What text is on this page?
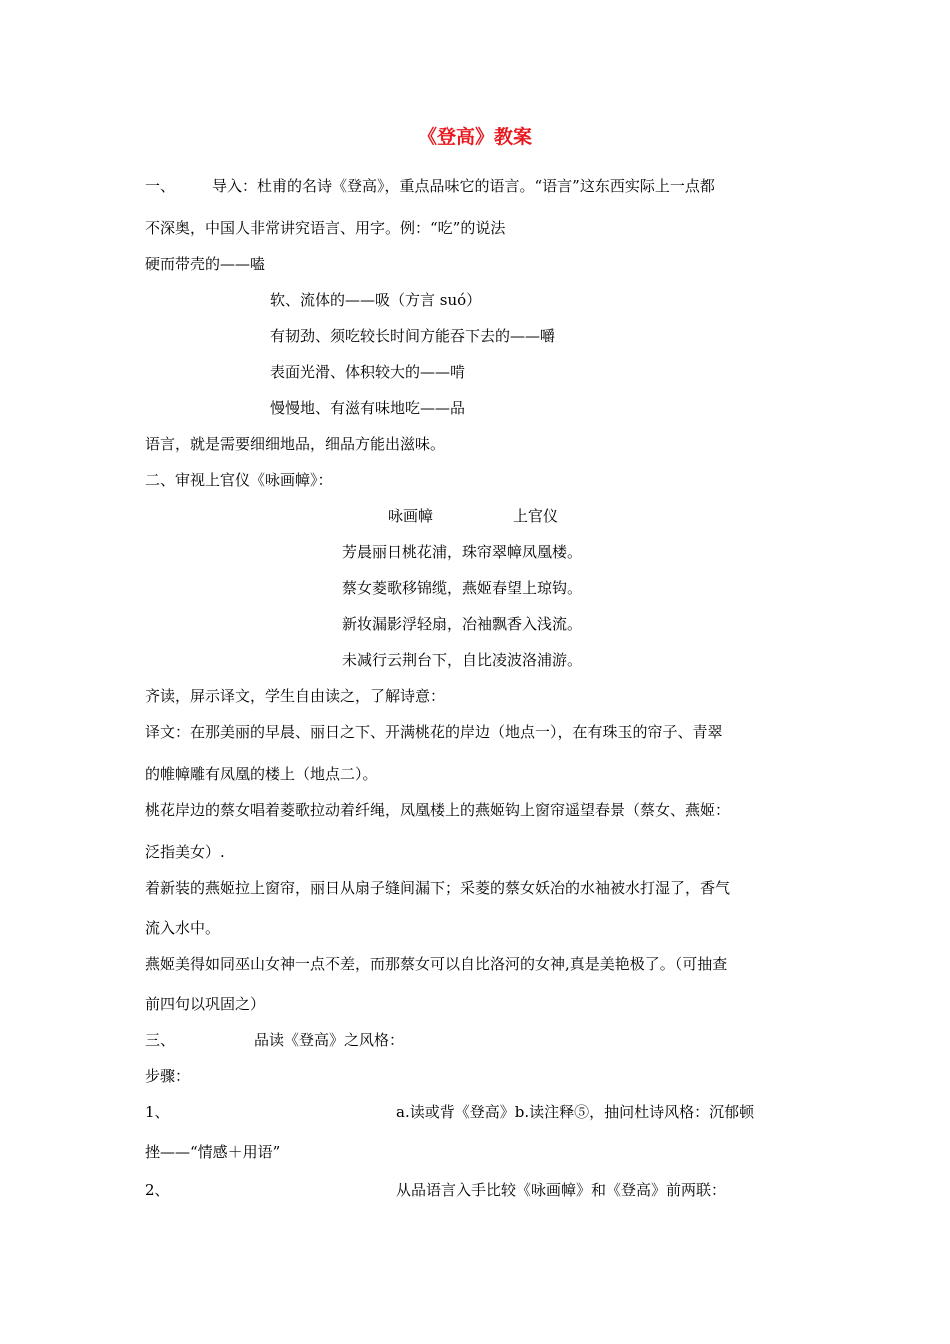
《登高》教案
一、 导入：杜甫的名诗《登高》，重点品味它的语言。“语言”这东西实际上一点都
不深奥，中国人非常讲究语言、用字。例：“吃”的说法
硬而带壳的——嗑
软、流体的——吸（方言 suó）
有韧劲、须吃较长时间方能吞下去的——嚼
表面光滑、体积较大的——啃
慢慢地、有滋有味地吃——品
语言，就是需要细细地品，细品方能出滋味。
二、审视上官仪《咏画幛》：
咏画幛	上官仪
芳晨丽日桃花浦，珠帘翠幛凤凰楼。
蔡女菱歌移锦缆，燕姬春望上琼钩。
新妆漏影浮轻扇，冶袖飘香入浅流。
未减行云荆台下，自比凌波洛浦游。
齐读，屏示译文，学生自由读之，了解诗意：
译文：在那美丽的早晨、丽日之下、开满桃花的岸边（地点一），在有珠玉的帘子、青翠
的帷幛雕有凤凰的楼上（地点二）。
桃花岸边的蔡女唱着菱歌拉动着纤绳，凤凰楼上的燕姬钩上窗帘遥望春景（蔡女、燕姬：
泛指美女）.
着新装的燕姬拉上窗帘，丽日从扇子缝间漏下；采菱的蔡女妖冶的水袖被水打湿了，香气
流入水中。
燕姬美得如同巫山女神一点不差，而那蔡女可以自比洛河的女神,真是美艳极了。（可抽查
前四句以巩固之）
三、	品读《登高》之风格：
步骤：
1、	a.读或背《登高》b.读注释⑤，抽问杜诗风格：沉郁顿
挫——“情感＋用语”
2、	从品语言入手比较《咏画幛》和《登高》前两联：
